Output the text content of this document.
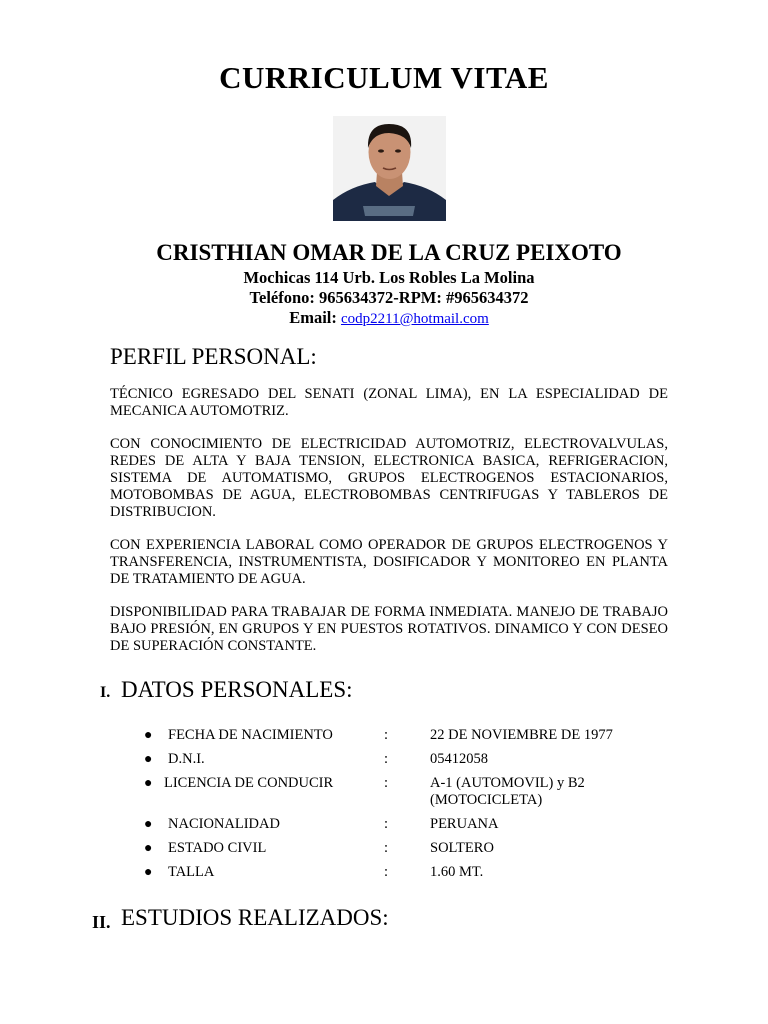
CURRICULUM VITAE
CRISTHIAN OMAR DE LA CRUZ PEIXOTO
Mochicas 114 Urb. Los Robles La Molina
Teléfono: 965634372-RPM: #965634372
Email: codp2211@hotmail.com
PERFIL PERSONAL:

TÉCNICO EGRESADO DEL SENATI (ZONAL LIMA), EN LA ESPECIALIDAD DE MECANICA AUTOMOTRIZ.

CON CONOCIMIENTO DE ELECTRICIDAD AUTOMOTRIZ, ELECTROVALVULAS, REDES DE ALTA Y BAJA TENSION, ELECTRONICA BASICA, REFRIGERACION, SISTEMA DE AUTOMATISMO, GRUPOS ELECTROGENOS ESTACIONARIOS, MOTOBOMBAS DE AGUA, ELECTROBOMBAS CENTRIFUGAS Y TABLEROS DE DISTRIBUCION.

CON EXPERIENCIA LABORAL COMO OPERADOR DE GRUPOS ELECTROGENOS Y TRANSFERENCIA, INSTRUMENTISTA, DOSIFICADOR Y MONITOREO EN PLANTA DE TRATAMIENTO DE AGUA.

DISPONIBILIDAD PARA TRABAJAR DE FORMA INMEDIATA. MANEJO DE TRABAJO BAJO PRESIÓN, EN GRUPOS Y EN PUESTOS ROTATIVOS. DINAMICO Y CON DESEO DE SUPERACIÓN CONSTANTE.

I. DATOS PERSONALES:
● FECHA DE NACIMIENTO	:	22 DE NOVIEMBRE DE 1977
● D.N.I.	:	05412058
● LICENCIA DE CONDUCIR	:	A-1 (AUTOMOVIL) y B2 (MOTOCICLETA)
● NACIONALIDAD	:	PERUANA
● ESTADO CIVIL	:	SOLTERO
● TALLA	:	1.60 MT.
II. ESTUDIOS REALIZADOS:
